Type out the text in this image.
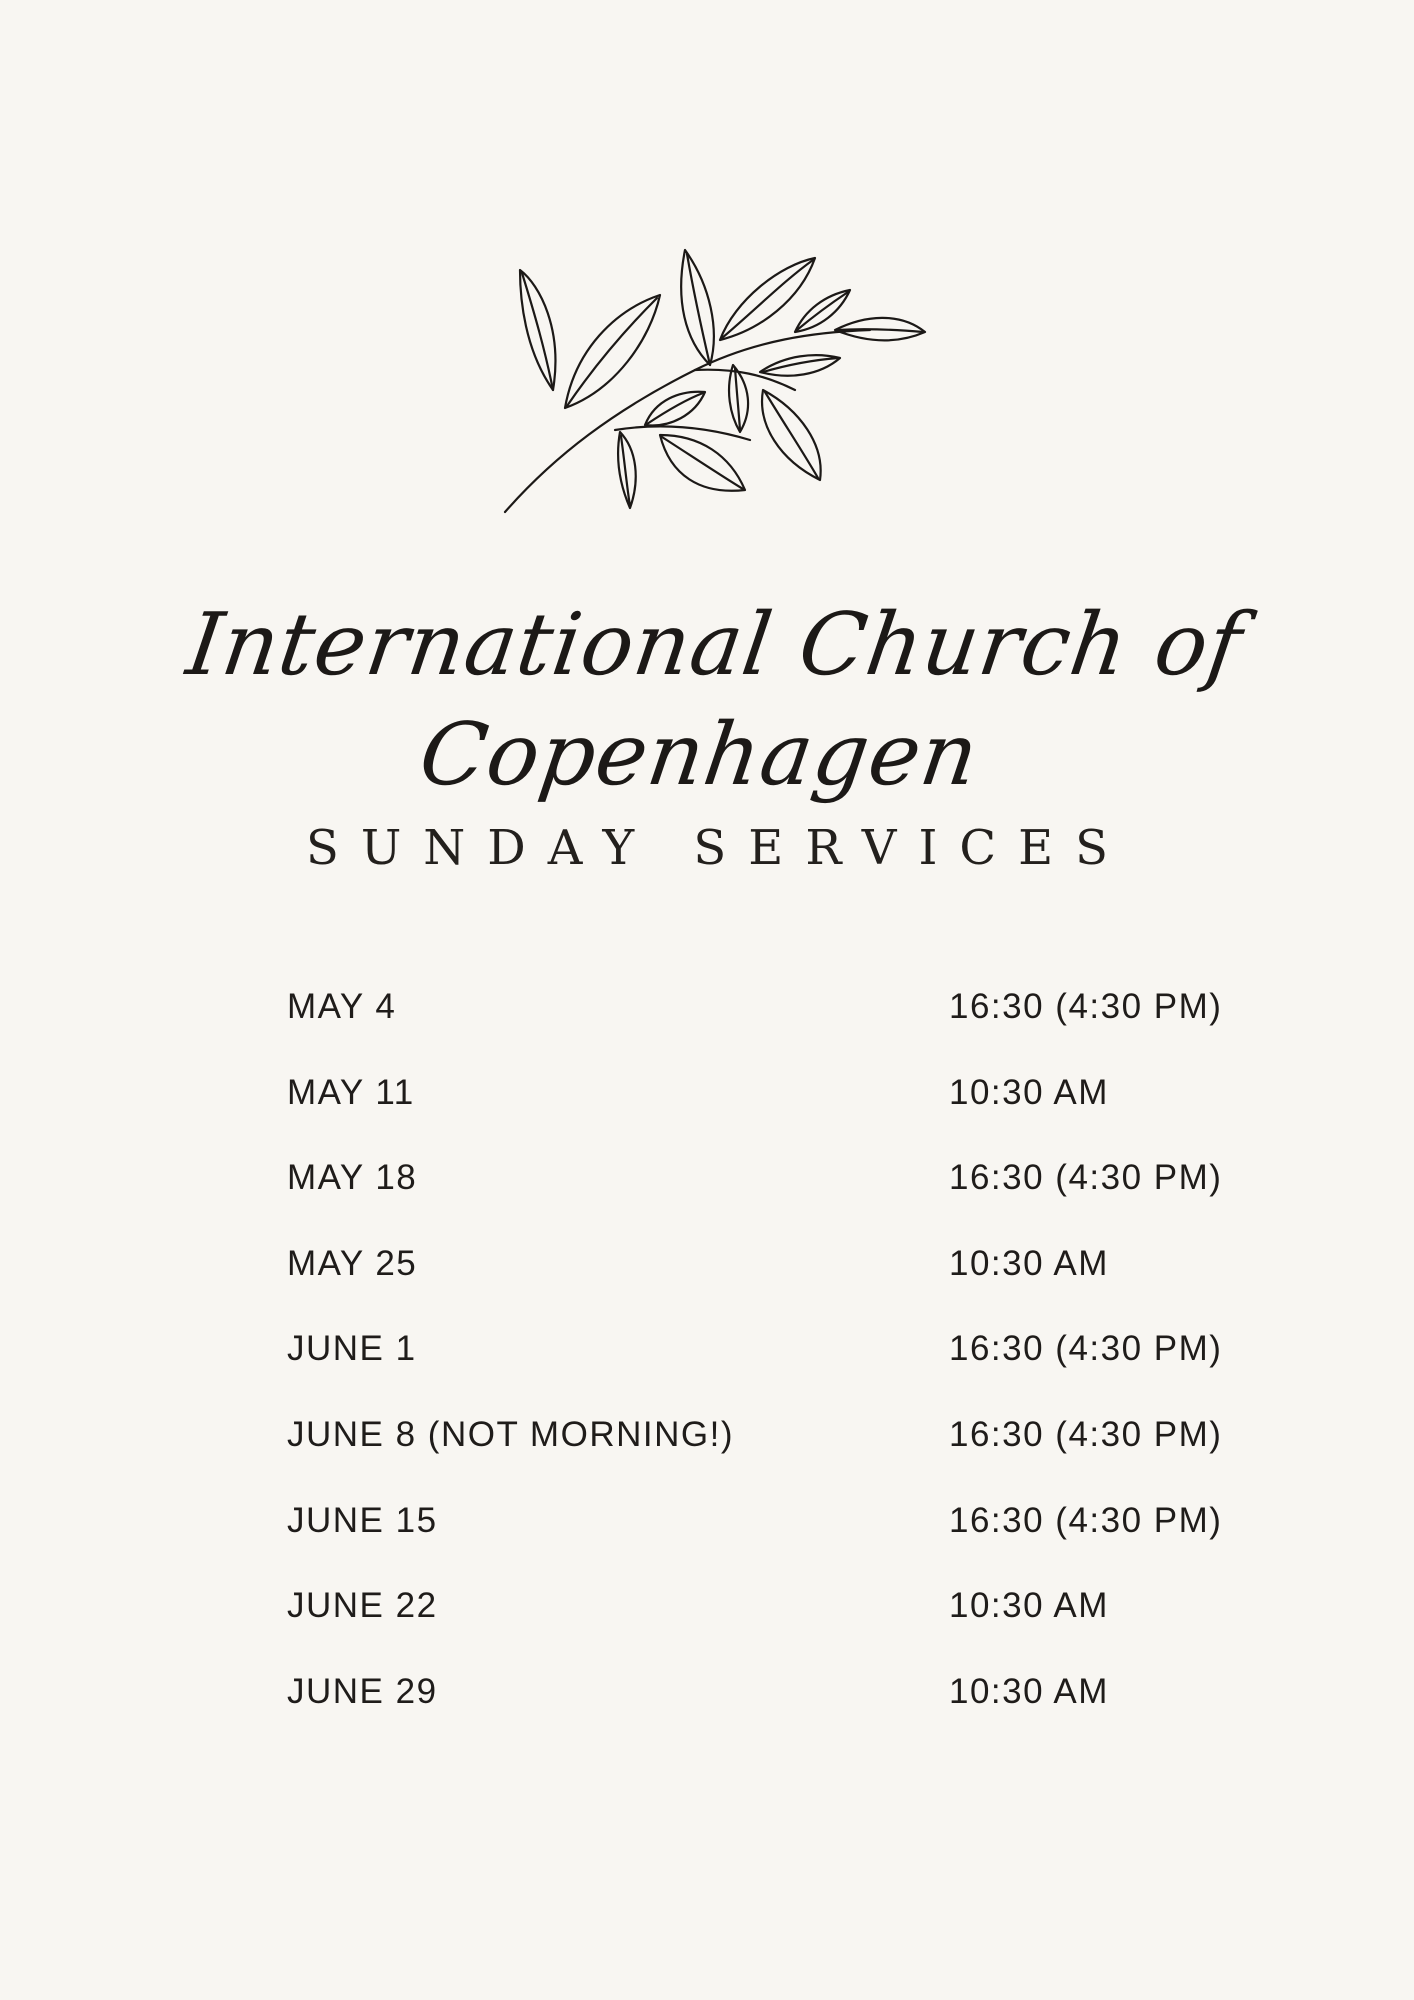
International Church of Copenhagen
SUNDAY SERVICES
MAY 4	16:30 (4:30 PM)
MAY 11	10:30 AM
MAY 18	16:30 (4:30 PM)
MAY 25	10:30 AM
JUNE 1	16:30 (4:30 PM)
JUNE 8 (NOT MORNING!)	16:30 (4:30 PM)
JUNE 15	16:30 (4:30 PM)
JUNE 22	10:30 AM
JUNE 29	10:30 AM
